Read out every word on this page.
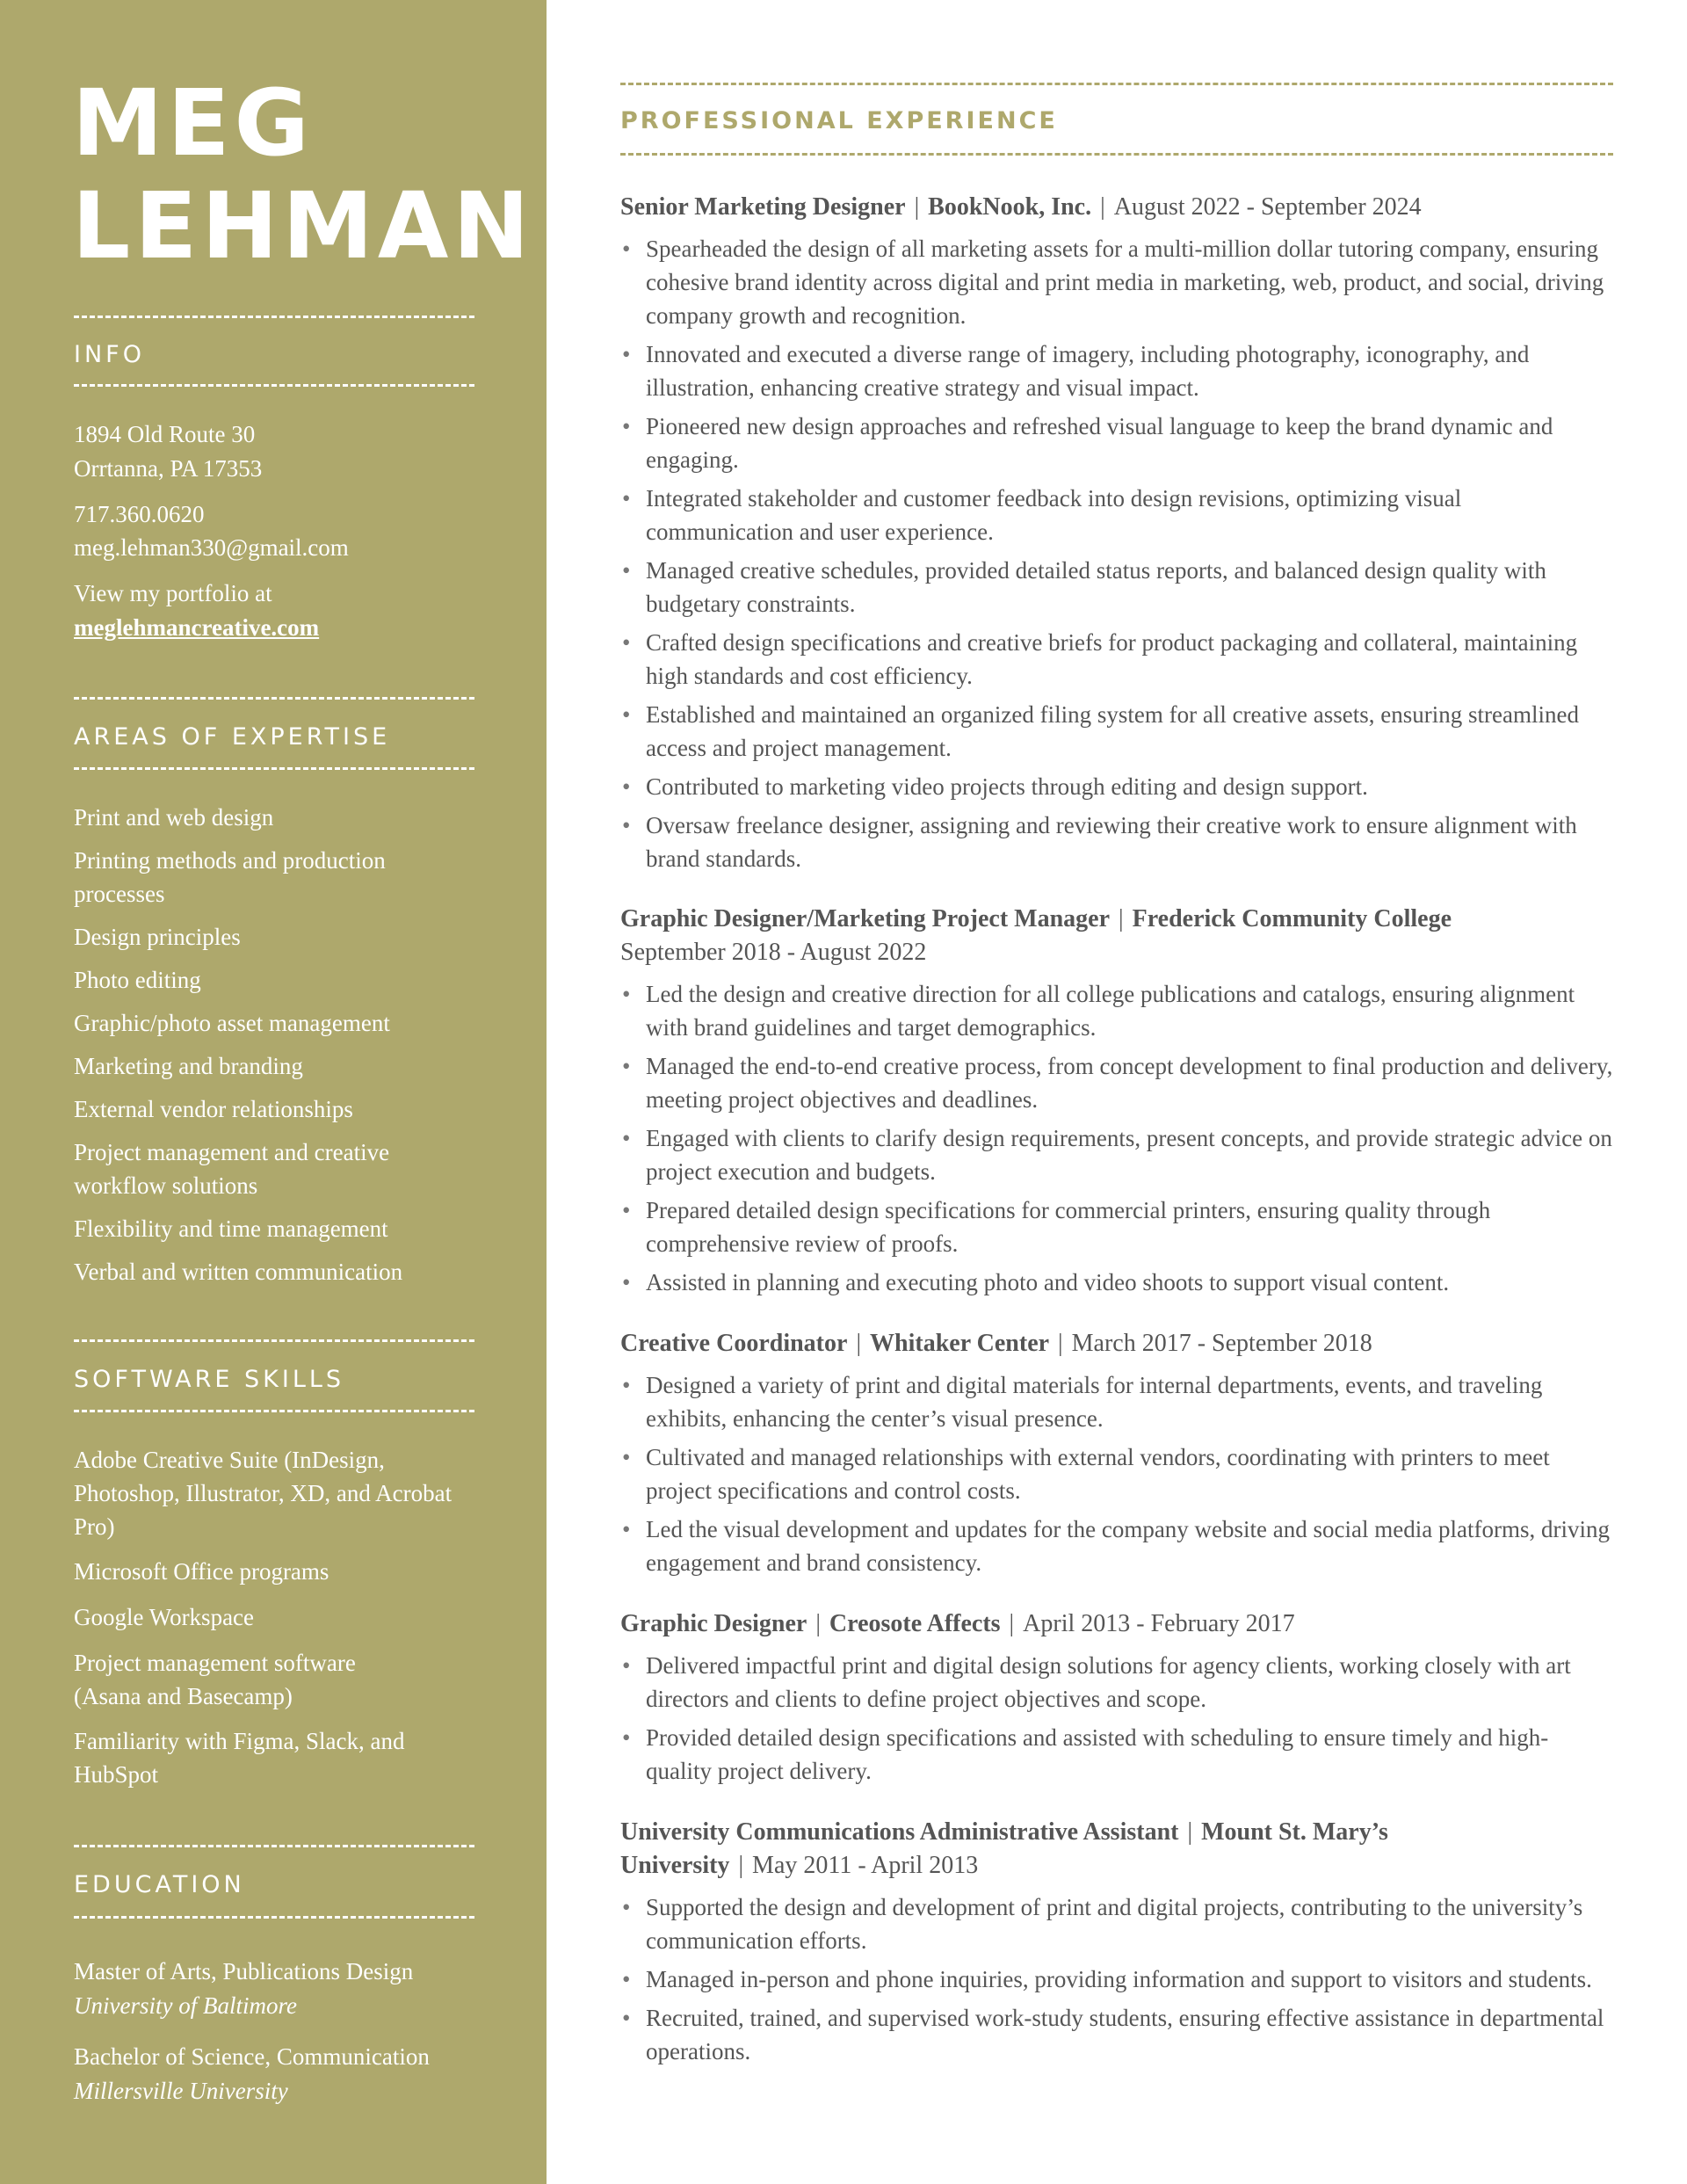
MEG
LEHMAN
INFO
1894 Old Route 30
Orrtanna, PA 17353
717.360.0620
meg.lehman330@gmail.com
View my portfolio at
meglehmancreative.com
AREAS OF EXPERTISE
Print and web design
Printing methods and production processes
Design principles
Photo editing
Graphic/photo asset management
Marketing and branding
External vendor relationships
Project management and creative workflow solutions
Flexibility and time management
Verbal and written communication
SOFTWARE SKILLS
Adobe Creative Suite (InDesign, Photoshop, Illustrator, XD, and Acrobat Pro)
Microsoft Office programs
Google Workspace
Project management software (Asana and Basecamp)
Familiarity with Figma, Slack, and HubSpot
EDUCATION
Master of Arts, Publications Design
University of Baltimore
Bachelor of Science, Communication
Millersville University
PROFESSIONAL EXPERIENCE
Senior Marketing Designer | BookNook, Inc. | August 2022 - September 2024
• Spearheaded the design of all marketing assets for a multi-million dollar tutoring company, ensuring cohesive brand identity across digital and print media in marketing, web, product, and social, driving company growth and recognition.
• Innovated and executed a diverse range of imagery, including photography, iconography, and illustration, enhancing creative strategy and visual impact.
• Pioneered new design approaches and refreshed visual language to keep the brand dynamic and engaging.
• Integrated stakeholder and customer feedback into design revisions, optimizing visual communication and user experience.
• Managed creative schedules, provided detailed status reports, and balanced design quality with budgetary constraints.
• Crafted design specifications and creative briefs for product packaging and collateral, maintaining high standards and cost efficiency.
• Established and maintained an organized filing system for all creative assets, ensuring streamlined access and project management.
• Contributed to marketing video projects through editing and design support.
• Oversaw freelance designer, assigning and reviewing their creative work to ensure alignment with brand standards.
Graphic Designer/Marketing Project Manager | Frederick Community College
September 2018 - August 2022
• Led the design and creative direction for all college publications and catalogs, ensuring alignment with brand guidelines and target demographics.
• Managed the end-to-end creative process, from concept development to final production and delivery, meeting project objectives and deadlines.
• Engaged with clients to clarify design requirements, present concepts, and provide strategic advice on project execution and budgets.
• Prepared detailed design specifications for commercial printers, ensuring quality through comprehensive review of proofs.
• Assisted in planning and executing photo and video shoots to support visual content.
Creative Coordinator | Whitaker Center | March 2017 - September 2018
• Designed a variety of print and digital materials for internal departments, events, and traveling exhibits, enhancing the center’s visual presence.
• Cultivated and managed relationships with external vendors, coordinating with printers to meet project specifications and control costs.
• Led the visual development and updates for the company website and social media platforms, driving engagement and brand consistency.
Graphic Designer | Creosote Affects | April 2013 - February 2017
• Delivered impactful print and digital design solutions for agency clients, working closely with art directors and clients to define project objectives and scope.
• Provided detailed design specifications and assisted with scheduling to ensure timely and high-quality project delivery.
University Communications Administrative Assistant | Mount St. Mary’s University | May 2011 - April 2013
• Supported the design and development of print and digital projects, contributing to the university’s communication efforts.
• Managed in-person and phone inquiries, providing information and support to visitors and students.
• Recruited, trained, and supervised work-study students, ensuring effective assistance in departmental operations.
